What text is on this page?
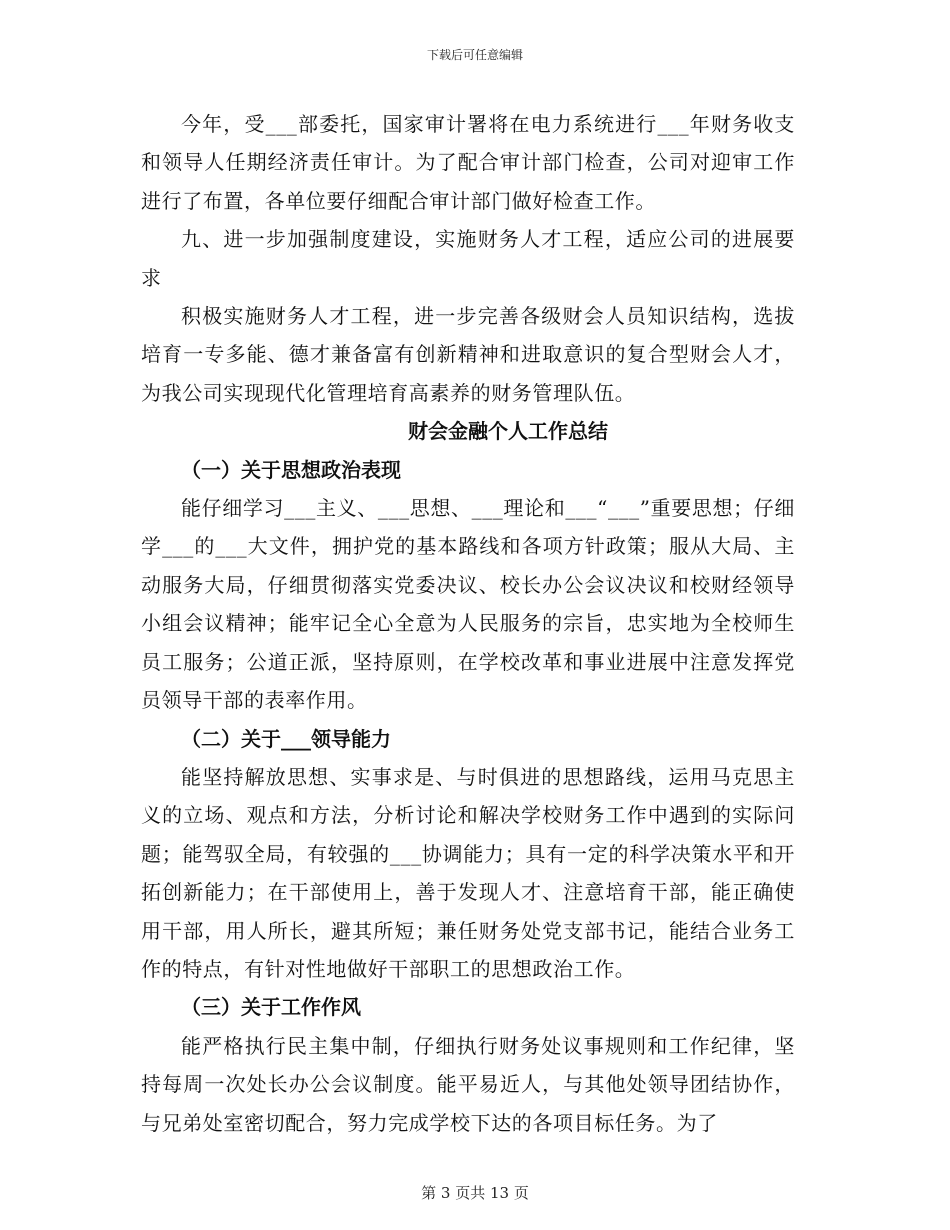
下载后可任意编辑

今年，受___部委托，国家审计署将在电力系统进行___年财务收支和领导人任期经济责任审计。为了配合审计部门检查，公司对迎审工作进行了布置，各单位要仔细配合审计部门做好检查工作。

九、进一步加强制度建设，实施财务人才工程，适应公司的进展要求

积极实施财务人才工程，进一步完善各级财会人员知识结构，选拔培育一专多能、德才兼备富有创新精神和进取意识的复合型财会人才，为我公司实现现代化管理培育高素养的财务管理队伍。

财会金融个人工作总结

（一）关于思想政治表现

能仔细学习___主义、___思想、___理论和___“___”重要思想；仔细学___的___大文件，拥护党的基本路线和各项方针政策；服从大局、主动服务大局，仔细贯彻落实党委决议、校长办公会议决议和校财经领导小组会议精神；能牢记全心全意为人民服务的宗旨，忠实地为全校师生员工服务；公道正派，坚持原则，在学校改革和事业进展中注意发挥党员领导干部的表率作用。

（二）关于___领导能力

能坚持解放思想、实事求是、与时俱进的思想路线，运用马克思主义的立场、观点和方法，分析讨论和解决学校财务工作中遇到的实际问题；能驾驭全局，有较强的___协调能力；具有一定的科学决策水平和开拓创新能力；在干部使用上，善于发现人才、注意培育干部，能正确使用干部，用人所长，避其所短；兼任财务处党支部书记，能结合业务工作的特点，有针对性地做好干部职工的思想政治工作。

（三）关于工作作风

能严格执行民主集中制，仔细执行财务处议事规则和工作纪律，坚持每周一次处长办公会议制度。能平易近人，与其他处领导团结协作，与兄弟处室密切配合，努力完成学校下达的各项目标任务。为了

第 3 页共 13 页
